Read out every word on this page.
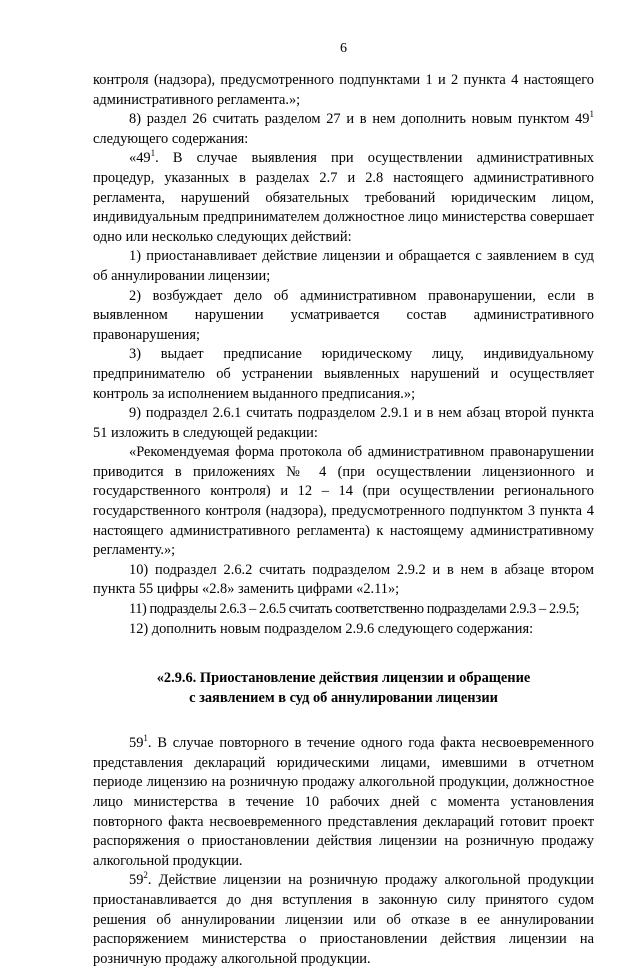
6

контроля (надзора), предусмотренного подпунктами 1 и 2 пункта 4 настоящего административного регламента.»;

8) раздел 26 считать разделом 27 и в нем дополнить новым пунктом $49^1$ следующего содержания:

«$49^1$. В случае выявления при осуществлении административных процедур, указанных в разделах 2.7 и 2.8 настоящего административного регламента, нарушений обязательных требований юридическим лицом, индивидуальным предпринимателем должностное лицо министерства совершает одно или несколько следующих действий:

1) приостанавливает действие лицензии и обращается с заявлением в суд об аннулировании лицензии;

2) возбуждает дело об административном правонарушении, если в выявленном нарушении усматривается состав административного правонарушения;

3) выдает предписание юридическому лицу, индивидуальному предпринимателю об устранении выявленных нарушений и осуществляет контроль за исполнением выданного предписания.»;

9) подраздел 2.6.1 считать подразделом 2.9.1 и в нем абзац второй пункта 51 изложить в следующей редакции:

«Рекомендуемая форма протокола об административном правонарушении приводится в приложениях № 4 (при осуществлении лицензионного и государственного контроля) и 12 – 14 (при осуществлении регионального государственного контроля (надзора), предусмотренного подпунктом 3 пункта 4 настоящего административного регламента) к настоящему административному регламенту.»;

10) подраздел 2.6.2 считать подразделом 2.9.2 и в нем в абзаце втором пункта 55 цифры «2.8» заменить цифрами «2.11»;

11) подразделы 2.6.3 – 2.6.5 считать соответственно подразделами 2.9.3 – 2.9.5;

12) дополнить новым подразделом 2.9.6 следующего содержания:

«2.9.6. Приостановление действия лицензии и обращение
с заявлением в суд об аннулировании лицензии

$59^1$. В случае повторного в течение одного года факта несвоевременного представления деклараций юридическими лицами, имевшими в отчетном периоде лицензию на розничную продажу алкогольной продукции, должностное лицо министерства в течение 10 рабочих дней с момента установления повторного факта несвоевременного представления деклараций готовит проект распоряжения о приостановлении действия лицензии на розничную продажу алкогольной продукции.

$59^2$. Действие лицензии на розничную продажу алкогольной продукции приостанавливается до дня вступления в законную силу принятого судом решения об аннулировании лицензии или об отказе в ее аннулировании распоряжением министерства о приостановлении действия лицензии на розничную продажу алкогольной продукции.
